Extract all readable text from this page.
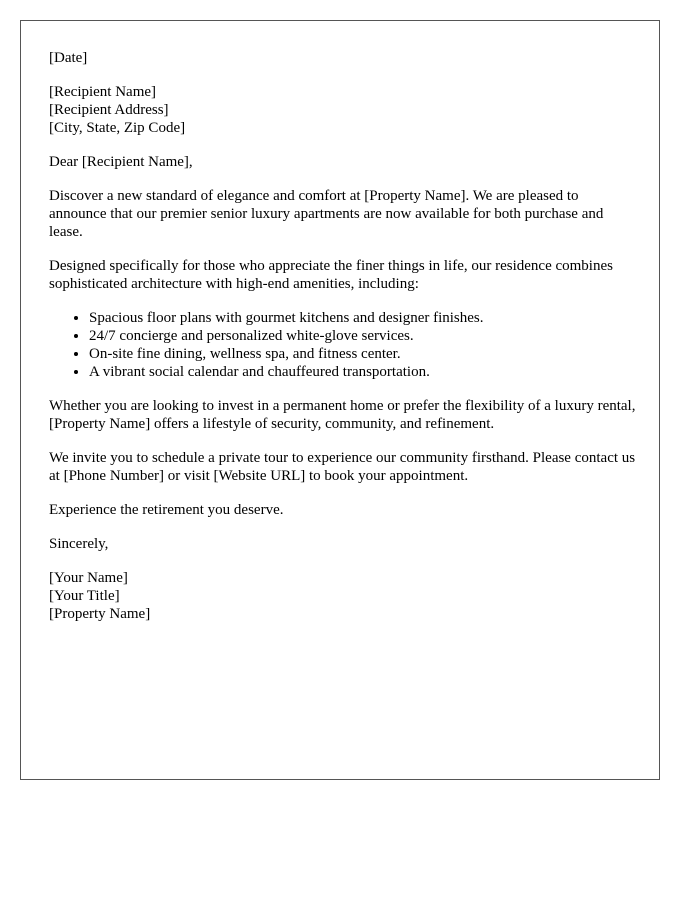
[Date]

[Recipient Name]

[Recipient Address]

[City, State, Zip Code]

Dear [Recipient Name],

Discover a new standard of elegance and comfort at [Property Name]. We are pleased to announce that our premier senior luxury apartments are now available for both purchase and lease.

Designed specifically for those who appreciate the finer things in life, our residence combines sophisticated architecture with high-end amenities, including:

• Spacious floor plans with gourmet kitchens and designer finishes.
• 24/7 concierge and personalized white-glove services.
• On-site fine dining, wellness spa, and fitness center.
• A vibrant social calendar and chauffeured transportation.

Whether you are looking to invest in a permanent home or prefer the flexibility of a luxury rental, [Property Name] offers a lifestyle of security, community, and refinement.

We invite you to schedule a private tour to experience our community firsthand. Please contact us at [Phone Number] or visit [Website URL] to book your appointment.

Experience the retirement you deserve.

Sincerely,

[Your Name]

[Your Title]

[Property Name]
